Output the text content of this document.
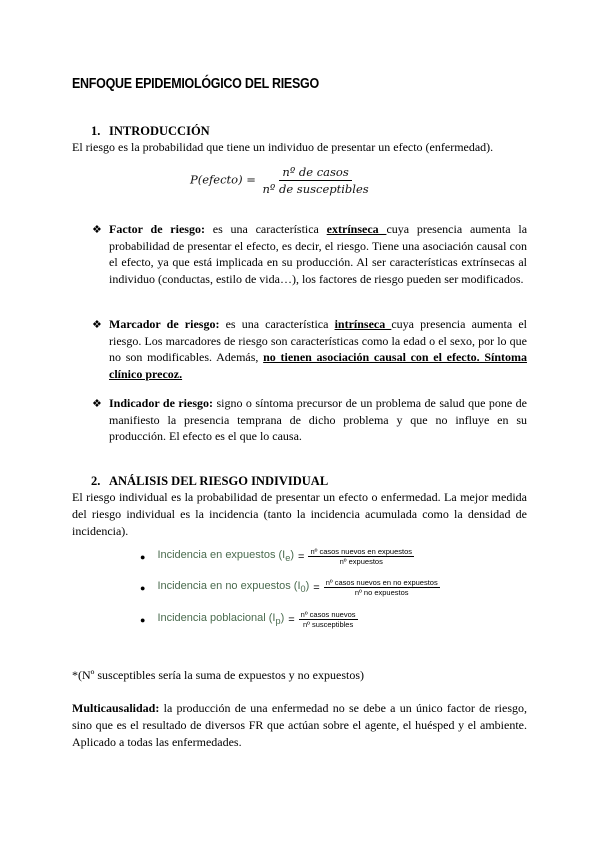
ENFOQUE EPIDEMIOLÓGICO DEL RIESGO
1. INTRODUCCIÓN
El riesgo es la probabilidad que tiene un individuo de presentar un efecto (enfermedad).
P(efecto) = $\frac{\text{nº de casos}}{\text{nº de susceptibles}}$
❖ Factor de riesgo: es una característica extrínseca cuya presencia aumenta la probabilidad de presentar el efecto, es decir, el riesgo. Tiene una asociación causal con el efecto, ya que está implicada en su producción. Al ser características extrínsecas al individuo (conductas, estilo de vida…), los factores de riesgo pueden ser modificados.
❖ Marcador de riesgo: es una característica intrínseca cuya presencia aumenta el riesgo. Los marcadores de riesgo son características como la edad o el sexo, por lo que no son modificables. Además, no tienen asociación causal con el efecto. Síntoma clínico precoz.
❖ Indicador de riesgo: signo o síntoma precursor de un problema de salud que pone de manifiesto la presencia temprana de dicho problema y que no influye en su producción. El efecto es el que lo causa.
2. ANÁLISIS DEL RIESGO INDIVIDUAL
El riesgo individual es la probabilidad de presentar un efecto o enfermedad. La mejor medida del riesgo individual es la incidencia (tanto la incidencia acumulada como la densidad de incidencia).
● Incidencia en expuestos $(I_e) = \frac{\text{nº casos nuevos en expuestos}}{\text{nº expuestos}}$
● Incidencia en no expuestos $(I_0) = \frac{\text{nº casos nuevos en no expuestos}}{\text{nº no expuestos}}$
● Incidencia poblacional $(I_p) = \frac{\text{nº casos nuevos}}{\text{nº susceptibles}}$
*(Nº susceptibles sería la suma de expuestos y no expuestos)
Multicausalidad: la producción de una enfermedad no se debe a un único factor de riesgo, sino que es el resultado de diversos FR que actúan sobre el agente, el huésped y el ambiente. Aplicado a todas las enfermedades.
